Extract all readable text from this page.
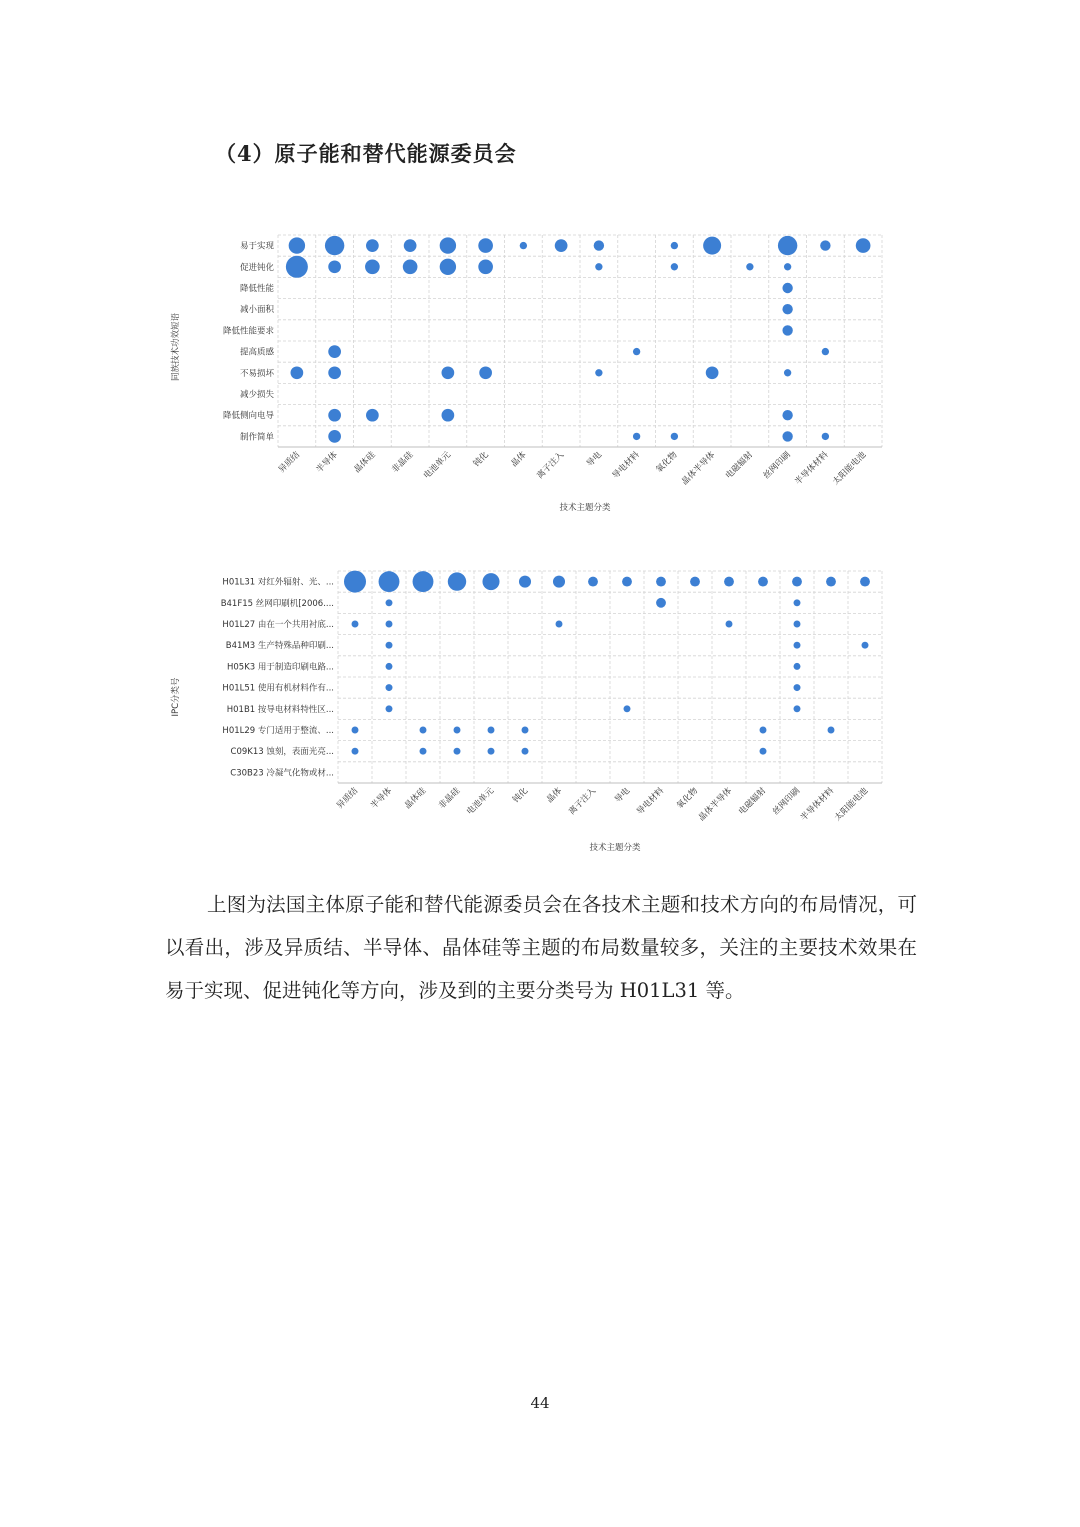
（4）原子能和替代能源委员会
易于实现
促进钝化
降低性能
减小面积
降低性能要求
提高质感
不易损坏
减少损失
降低侧向电导
制作简单
异质结 半导体 晶体硅 非晶硅 电池单元 钝化 晶体 离子注入 导电 导电材料 氧化物 晶体半导体 电磁辐射 丝网印刷 半导体材料 太阳能电池
技术主题分类
同族技术功效短语
H01L31 对红外辐射、光、...
B41F15 丝网印刷机[2006....
H01L27 由在一个共用衬底...
B41M3 生产特殊品种印刷...
H05K3 用于制造印刷电路...
H01L51 使用有机材料作有...
H01B1 按导电材料特性区...
H01L29 专门适用于整流、...
C09K13 蚀刻，表面光亮...
C30B23 冷凝气化物或材...
异质结 半导体 晶体硅 非晶硅 电池单元 钝化 晶体 离子注入 导电 导电材料 氧化物
晶体半导体 电磁辐射 丝网印刷
半导体材料
太阳能电池
技术主题分类
IPC分类号

上图为法国主体原子能和替代能源委员会在各技术主题和技术方向的布局情况，可以看出，涉及异质结、半导体、晶体硅等主题的布局数量较多，关注的主要技术效果在易于实现、促进钝化等方向，涉及到的主要分类号为 H01L31 等。

44
